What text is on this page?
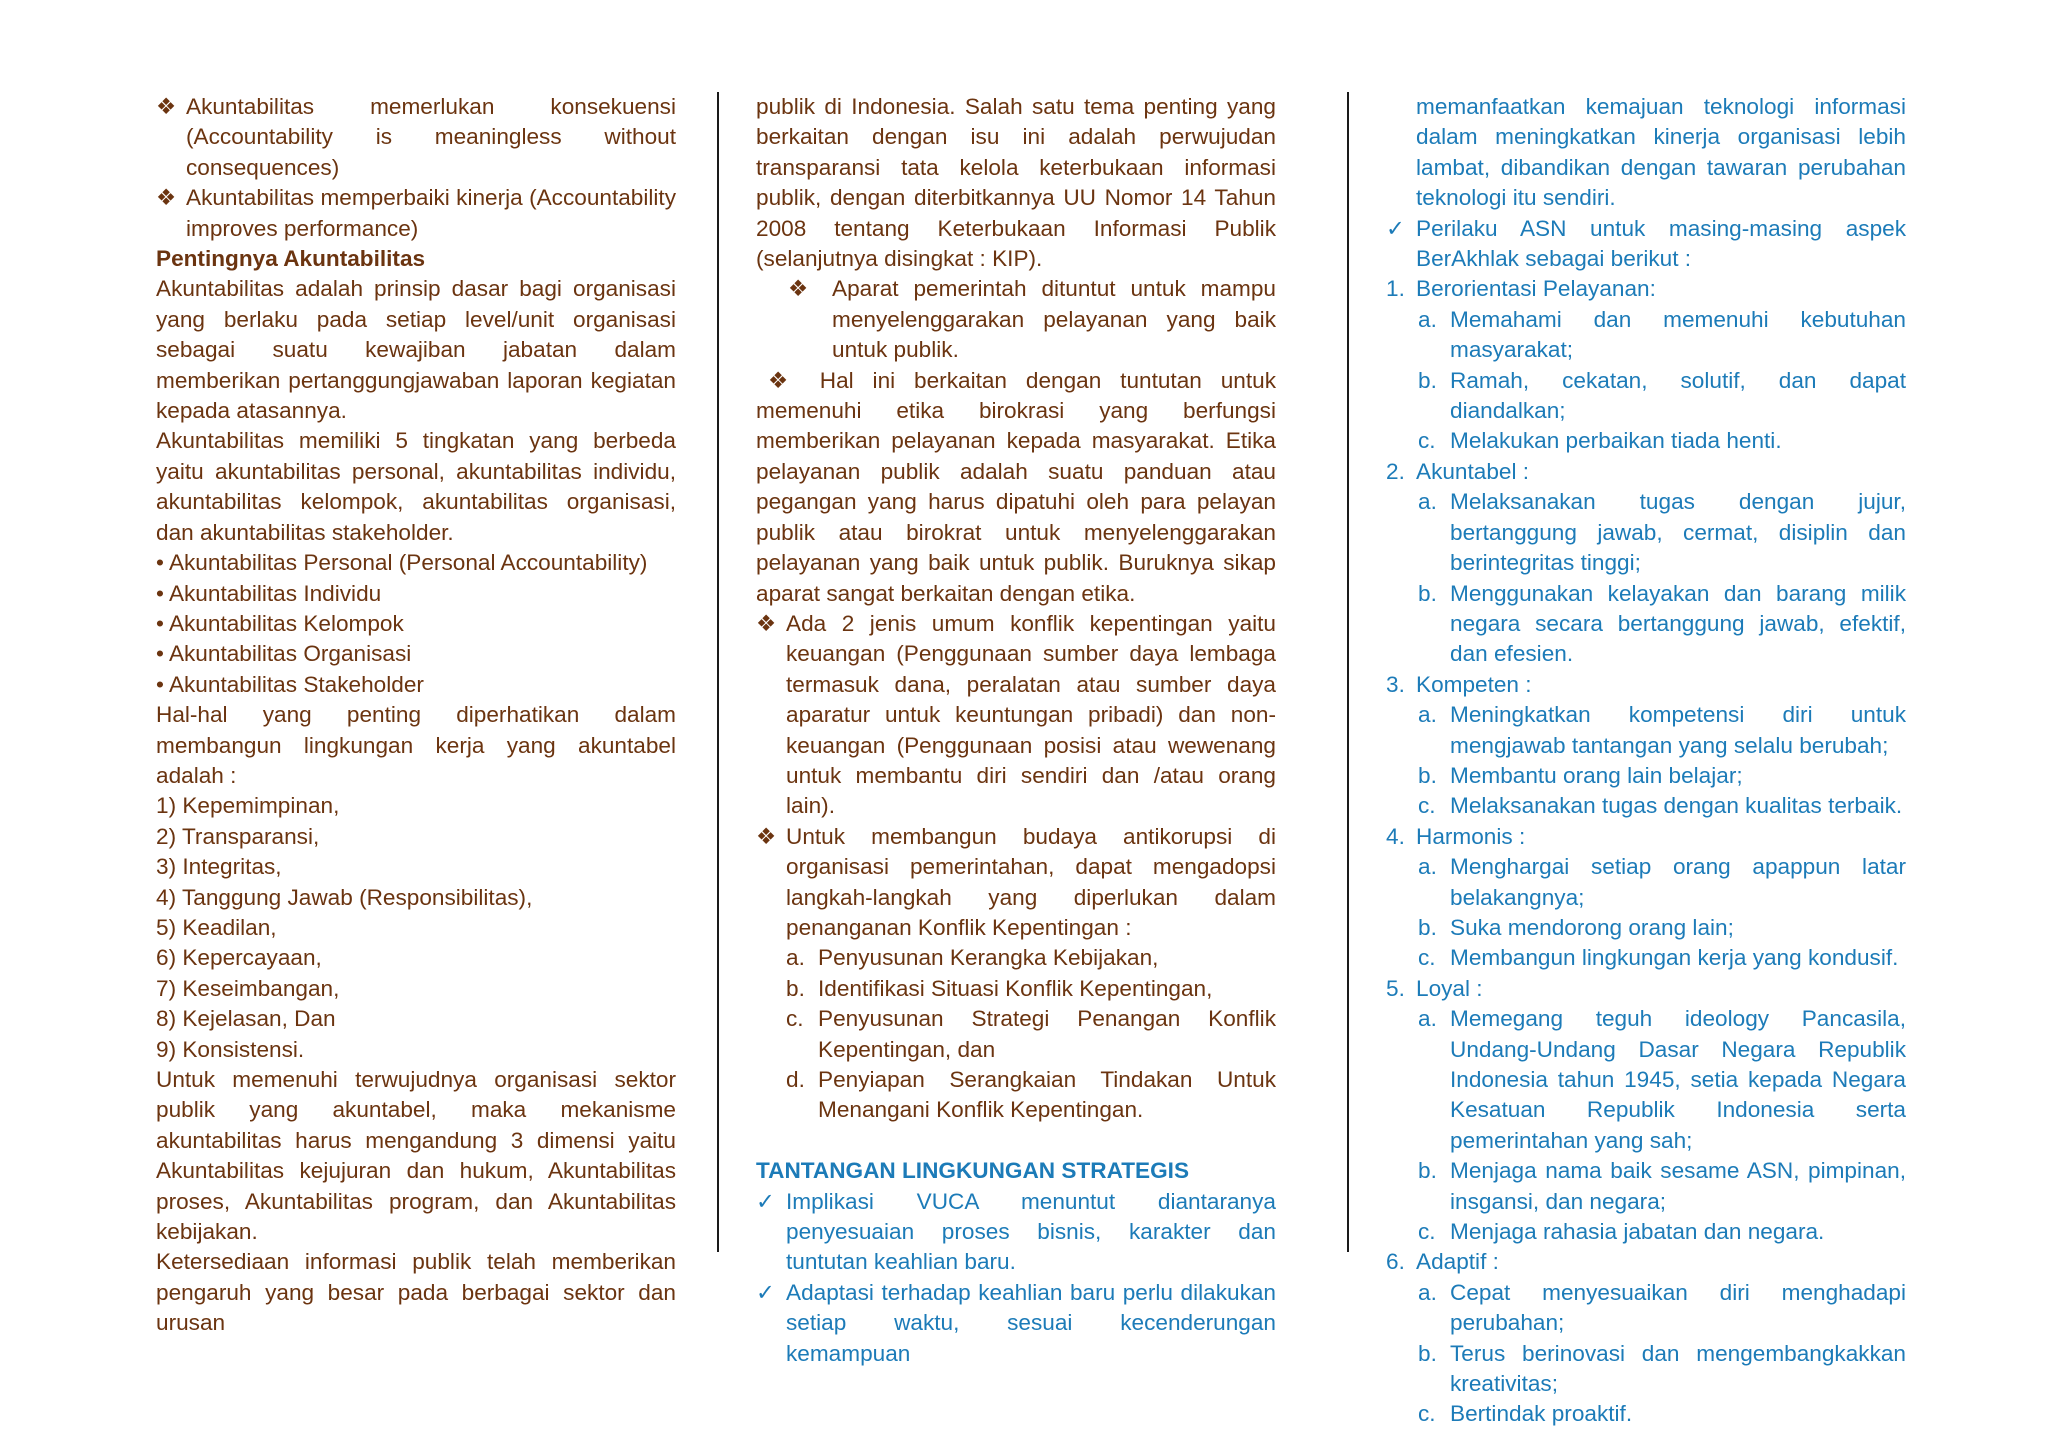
❖ Akuntabilitas memerlukan konsekuensi (Accountability is meaningless without consequences)
❖ Akuntabilitas memperbaiki kinerja (Accountability improves performance)

Pentingnya Akuntabilitas

Akuntabilitas adalah prinsip dasar bagi organisasi yang berlaku pada setiap level/unit organisasi sebagai suatu kewajiban jabatan dalam memberikan pertanggungjawaban laporan kegiatan kepada atasannya.

Akuntabilitas memiliki 5 tingkatan yang berbeda yaitu akuntabilitas personal, akuntabilitas individu, akuntabilitas kelompok, akuntabilitas organisasi, dan akuntabilitas stakeholder.

• Akuntabilitas Personal (Personal Accountability)

• Akuntabilitas Individu

• Akuntabilitas Kelompok

• Akuntabilitas Organisasi

• Akuntabilitas Stakeholder

Hal-hal yang penting diperhatikan dalam membangun lingkungan kerja yang akuntabel adalah :

1) Kepemimpinan,

2) Transparansi,

3) Integritas,

4) Tanggung Jawab (Responsibilitas),

5) Keadilan,

6) Kepercayaan,

7) Keseimbangan,

8) Kejelasan, Dan

9) Konsistensi.

Untuk memenuhi terwujudnya organisasi sektor publik yang akuntabel, maka mekanisme akuntabilitas harus mengandung 3 dimensi yaitu Akuntabilitas kejujuran dan hukum, Akuntabilitas proses, Akuntabilitas program, dan Akuntabilitas kebijakan.

Ketersediaan informasi publik telah memberikan pengaruh yang besar pada berbagai sektor dan urusan

publik di Indonesia. Salah satu tema penting yang berkaitan dengan isu ini adalah perwujudan transparansi tata kelola keterbukaan informasi publik, dengan diterbitkannya UU Nomor 14 Tahun 2008 tentang Keterbukaan Informasi Publik (selanjutnya disingkat : KIP).

❖	Aparat pemerintah dituntut untuk mampu menyelenggarakan pelayanan yang baik untuk publik.

❖ Hal ini berkaitan dengan tuntutan untuk memenuhi etika birokrasi yang berfungsi memberikan pelayanan kepada masyarakat. Etika pelayanan publik adalah suatu panduan atau pegangan yang harus dipatuhi oleh para pelayan publik atau birokrat untuk menyelenggarakan pelayanan yang baik untuk publik. Buruknya sikap aparat sangat berkaitan dengan etika.

❖ Ada 2 jenis umum konflik kepentingan yaitu keuangan (Penggunaan sumber daya lembaga termasuk dana, peralatan atau sumber daya aparatur untuk keuntungan pribadi) dan non-keuangan (Penggunaan posisi atau wewenang untuk membantu diri sendiri dan /atau orang lain).
❖ Untuk membangun budaya antikorupsi di organisasi pemerintahan, dapat mengadopsi langkah-langkah yang diperlukan dalam penanganan Konflik Kepentingan :
a. Penyusunan Kerangka Kebijakan,
b. Identifikasi Situasi Konflik Kepentingan,
c. Penyusunan Strategi Penangan Konflik Kepentingan, dan
d. Penyiapan Serangkaian Tindakan Untuk Menangani Konflik Kepentingan.

TANTANGAN LINGKUNGAN STRATEGIS

✓ Implikasi VUCA menuntut diantaranya penyesuaian proses bisnis, karakter dan tuntutan keahlian baru.
✓ Adaptasi terhadap keahlian baru perlu dilakukan setiap waktu, sesuai kecenderungan kemampuan

memanfaatkan kemajuan teknologi informasi dalam meningkatkan kinerja organisasi lebih lambat, dibandikan dengan tawaran perubahan teknologi itu sendiri.

✓ Perilaku ASN untuk masing-masing aspek BerAkhlak sebagai berikut :
1. Berorientasi Pelayanan:
a. Memahami dan memenuhi kebutuhan masyarakat;
b. Ramah, cekatan, solutif, dan dapat diandalkan;
c. Melakukan perbaikan tiada henti.
2. Akuntabel :
a. Melaksanakan tugas dengan jujur, bertanggung jawab, cermat, disiplin dan berintegritas tinggi;
b. Menggunakan kelayakan dan barang milik negara secara bertanggung jawab, efektif, dan efesien.
3. Kompeten :
a. Meningkatkan kompetensi diri untuk mengjawab tantangan yang selalu berubah;
b. Membantu orang lain belajar;
c. Melaksanakan tugas dengan kualitas terbaik.
4. Harmonis :
a. Menghargai setiap orang apappun latar belakangnya;
b. Suka mendorong orang lain;
c. Membangun lingkungan kerja yang kondusif.
5. Loyal :
a. Memegang teguh ideology Pancasila, Undang-Undang Dasar Negara Republik Indonesia tahun 1945, setia kepada Negara Kesatuan Republik Indonesia serta pemerintahan yang sah;
b. Menjaga nama baik sesame ASN, pimpinan, insgansi, dan negara;
c. Menjaga rahasia jabatan dan negara.
6. Adaptif :
a. Cepat menyesuaikan diri menghadapi perubahan;
b. Terus berinovasi dan mengembangkakkan kreativitas;
c. Bertindak proaktif.
